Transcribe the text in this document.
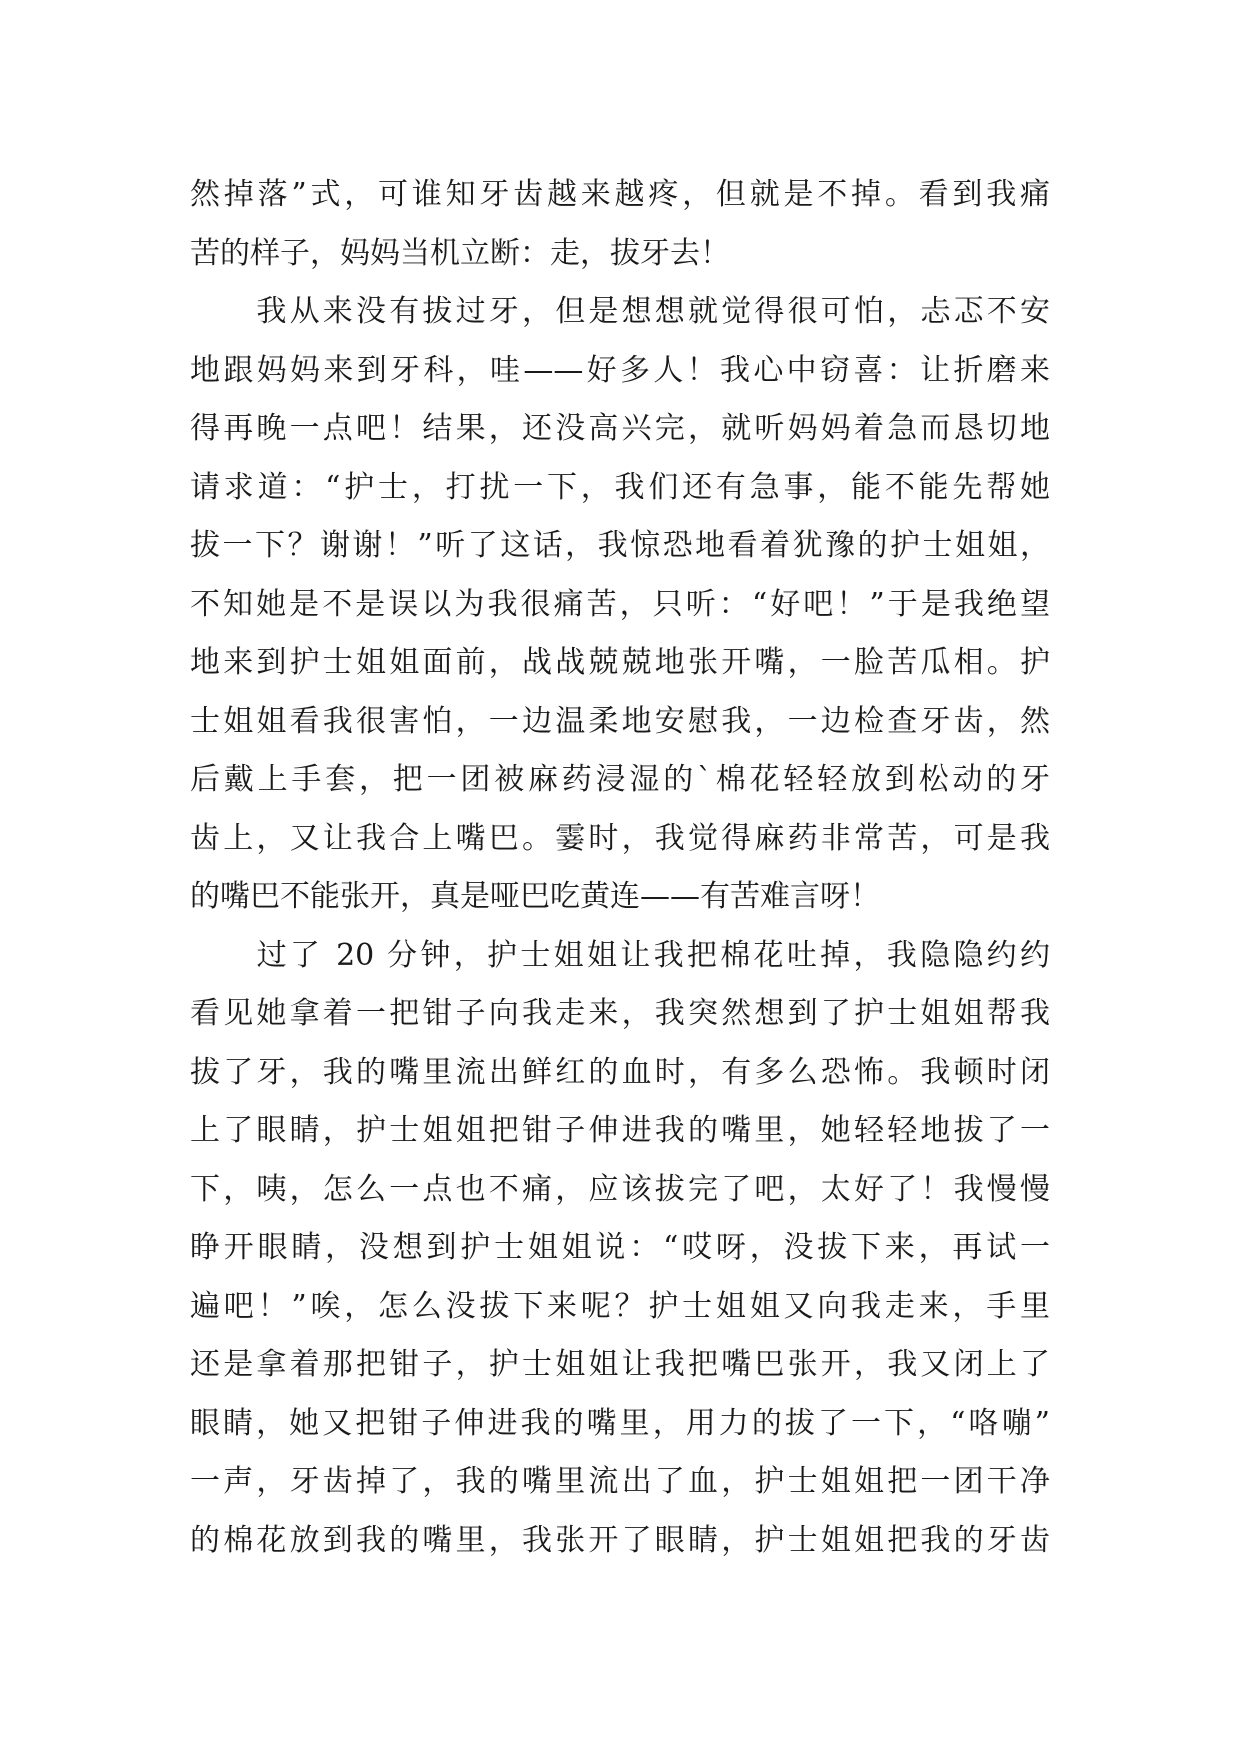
然掉落”式，可谁知牙齿越来越疼，但就是不掉。看到我痛
苦的样子，妈妈当机立断：走，拔牙去！
　　我从来没有拔过牙，但是想想就觉得很可怕，忐忑不安
地跟妈妈来到牙科，哇——好多人！我心中窃喜：让折磨来
得再晚一点吧！结果，还没高兴完，就听妈妈着急而恳切地
请求道：“护士，打扰一下，我们还有急事，能不能先帮她
拔一下？谢谢！”听了这话，我惊恐地看着犹豫的护士姐姐，
不知她是不是误以为我很痛苦，只听：“好吧！”于是我绝望
地来到护士姐姐面前，战战兢兢地张开嘴，一脸苦瓜相。护
士姐姐看我很害怕，一边温柔地安慰我，一边检查牙齿，然
后戴上手套，把一团被麻药浸湿的`棉花轻轻放到松动的牙
齿上，又让我合上嘴巴。霎时，我觉得麻药非常苦，可是我
的嘴巴不能张开，真是哑巴吃黄连——有苦难言呀！
　　过了 20 分钟，护士姐姐让我把棉花吐掉，我隐隐约约
看见她拿着一把钳子向我走来，我突然想到了护士姐姐帮我
拔了牙，我的嘴里流出鲜红的血时，有多么恐怖。我顿时闭
上了眼睛，护士姐姐把钳子伸进我的嘴里，她轻轻地拔了一
下，咦，怎么一点也不痛，应该拔完了吧，太好了！我慢慢
睁开眼睛，没想到护士姐姐说：“哎呀，没拔下来，再试一
遍吧！”唉，怎么没拔下来呢？护士姐姐又向我走来，手里
还是拿着那把钳子，护士姐姐让我把嘴巴张开，我又闭上了
眼睛，她又把钳子伸进我的嘴里，用力的拔了一下，“咯嘣”
一声，牙齿掉了，我的嘴里流出了血，护士姐姐把一团干净
的棉花放到我的嘴里，我张开了眼睛，护士姐姐把我的牙齿
